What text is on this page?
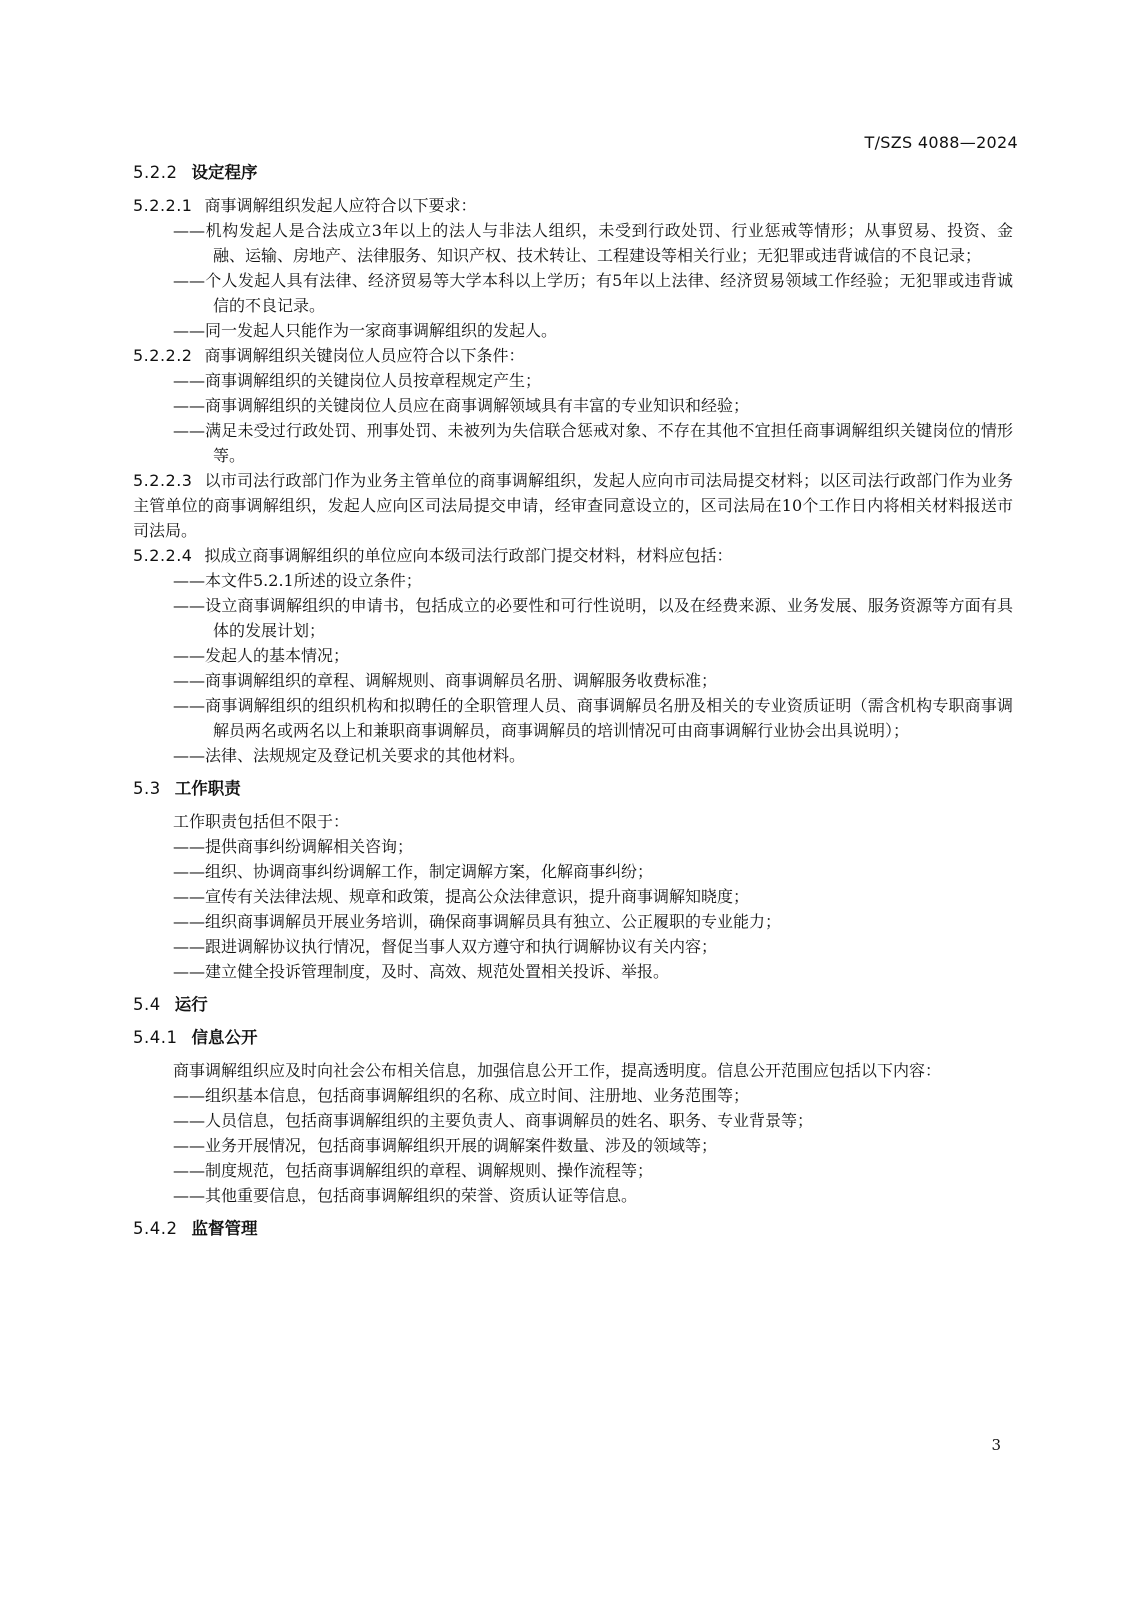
T/SZS 4088—2024
5.2.2 设定程序
5.2.2.1 商事调解组织发起人应符合以下要求：
——机构发起人是合法成立3年以上的法人与非法人组织，未受到行政处罚、行业惩戒等情形；从事贸易、投资、金融、运输、房地产、法律服务、知识产权、技术转让、工程建设等相关行业；无犯罪或违背诚信的不良记录；
——个人发起人具有法律、经济贸易等大学本科以上学历；有5年以上法律、经济贸易领域工作经验；无犯罪或违背诚信的不良记录。
——同一发起人只能作为一家商事调解组织的发起人。
5.2.2.2 商事调解组织关键岗位人员应符合以下条件：
——商事调解组织的关键岗位人员按章程规定产生；
——商事调解组织的关键岗位人员应在商事调解领域具有丰富的专业知识和经验；
——满足未受过行政处罚、刑事处罚、未被列为失信联合惩戒对象、不存在其他不宜担任商事调解组织关键岗位的情形等。
5.2.2.3 以市司法行政部门作为业务主管单位的商事调解组织，发起人应向市司法局提交材料；以区司法行政部门作为业务主管单位的商事调解组织，发起人应向区司法局提交申请，经审查同意设立的，区司法局在10个工作日内将相关材料报送市司法局。
5.2.2.4 拟成立商事调解组织的单位应向本级司法行政部门提交材料，材料应包括：
——本文件5.2.1所述的设立条件；
——设立商事调解组织的申请书，包括成立的必要性和可行性说明，以及在经费来源、业务发展、服务资源等方面有具体的发展计划；
——发起人的基本情况；
——商事调解组织的章程、调解规则、商事调解员名册、调解服务收费标准；
——商事调解组织的组织机构和拟聘任的全职管理人员、商事调解员名册及相关的专业资质证明（需含机构专职商事调解员两名或两名以上和兼职商事调解员，商事调解员的培训情况可由商事调解行业协会出具说明）；
——法律、法规规定及登记机关要求的其他材料。
5.3 工作职责
工作职责包括但不限于：
——提供商事纠纷调解相关咨询；
——组织、协调商事纠纷调解工作，制定调解方案，化解商事纠纷；
——宣传有关法律法规、规章和政策，提高公众法律意识，提升商事调解知晓度；
——组织商事调解员开展业务培训，确保商事调解员具有独立、公正履职的专业能力；
——跟进调解协议执行情况，督促当事人双方遵守和执行调解协议有关内容；
——建立健全投诉管理制度，及时、高效、规范处置相关投诉、举报。
5.4 运行
5.4.1 信息公开
商事调解组织应及时向社会公布相关信息，加强信息公开工作，提高透明度。信息公开范围应包括以下内容：
——组织基本信息，包括商事调解组织的名称、成立时间、注册地、业务范围等；
——人员信息，包括商事调解组织的主要负责人、商事调解员的姓名、职务、专业背景等；
——业务开展情况，包括商事调解组织开展的调解案件数量、涉及的领域等；
——制度规范，包括商事调解组织的章程、调解规则、操作流程等；
——其他重要信息，包括商事调解组织的荣誉、资质认证等信息。
5.4.2 监督管理
3
